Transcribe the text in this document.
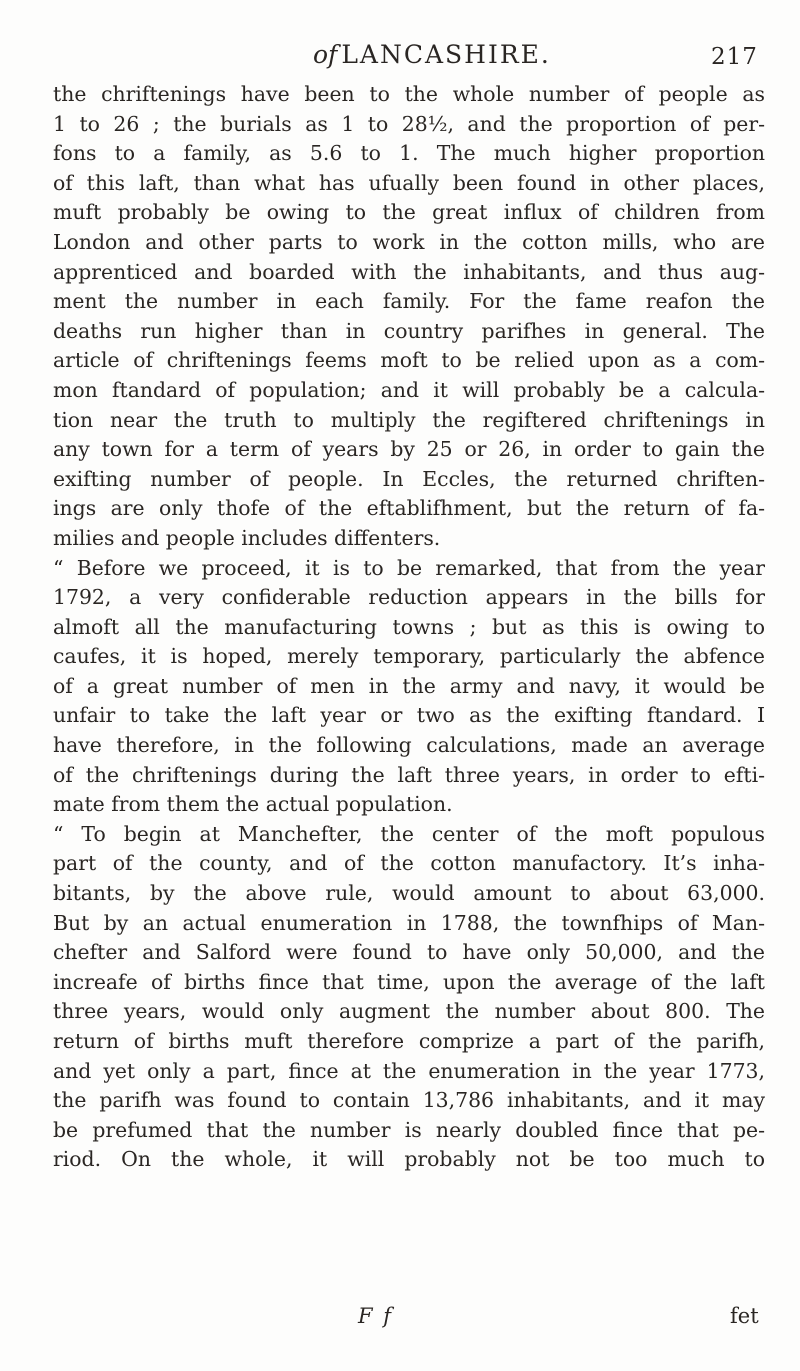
of LANCASHIRE.	217
the chriftenings have been to the whole number of people as
1 to 26 ; the burials as 1 to 28½, and the proportion of per-
fons to a family, as 5.6 to 1. The much higher proportion
of this laft, than what has ufually been found in other places,
muft probably be owing to the great influx of children from
London and other parts to work in the cotton mills, who are
apprenticed and boarded with the inhabitants, and thus aug-
ment the number in each family. For the fame reafon the
deaths run higher than in country parifhes in general. The
article of chriftenings feems moft to be relied upon as a com-
mon ftandard of population; and it will probably be a calcula-
tion near the truth to multiply the regiftered chriftenings in
any town for a term of years by 25 or 26, in order to gain the
exifting number of people. In Eccles, the returned chriften-
ings are only thofe of the eftablifhment, but the return of fa-
milies and people includes diffenters.
“ Before we proceed, it is to be remarked, that from the year
1792, a very confiderable reduction appears in the bills for
almoft all the manufacturing towns ; but as this is owing to
caufes, it is hoped, merely temporary, particularly the abfence
of a great number of men in the army and navy, it would be
unfair to take the laft year or two as the exifting ftandard. I
have therefore, in the following calculations, made an average
of the chriftenings during the laft three years, in order to efti-
mate from them the actual population.
“ To begin at Manchefter, the center of the moft populous
part of the county, and of the cotton manufactory. It’s inha-
bitants, by the above rule, would amount to about 63,000.
But by an actual enumeration in 1788, the townfhips of Man-
chefter and Salford were found to have only 50,000, and the
increafe of births fince that time, upon the average of the laft
three years, would only augment the number about 800. The
return of births muft therefore comprize a part of the parifh,
and yet only a part, fince at the enumeration in the year 1773,
the parifh was found to contain 13,786 inhabitants, and it may
be prefumed that the number is nearly doubled fince that pe-
riod. On the whole, it will probably not be too much to
F f	fet
